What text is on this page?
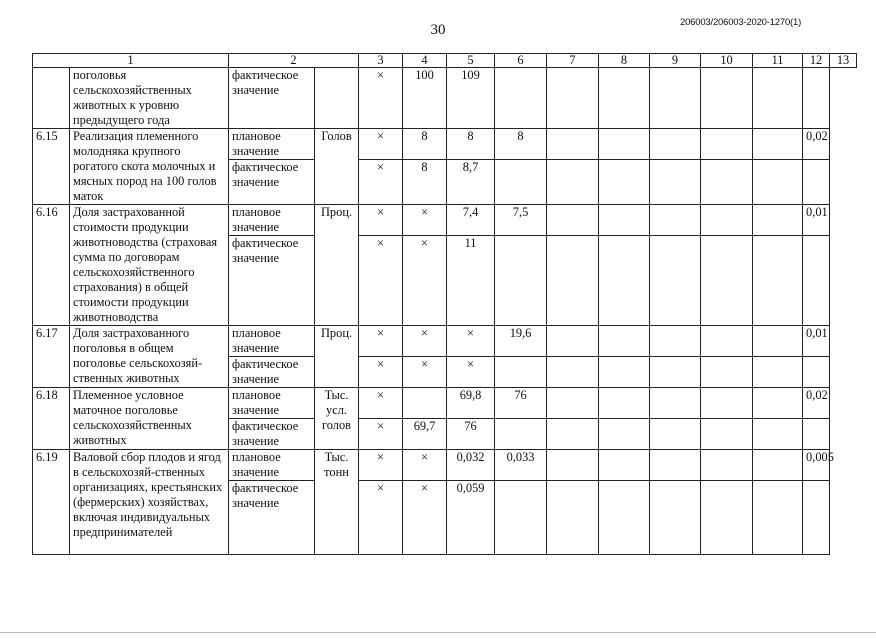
30	206003/206003-2020-1270(1)
1		2		3	4	5	6	7	8	9	10	11	12	13
	поголовья сельскохозяйственных животных к уровню предыдущего года	фактическое значение		×	100	109								
6.15	Реализация племенного молодняка крупного рогатого скота молочных и мясных пород на 100 голов маток	плановое значение	Голов	×	8	8	8						0,02	
		фактическое значение		×	8	8,7								
6.16	Доля застрахованной стоимости продукции животноводства (страховая сумма по договорам сельскохозяйственного страхования) в общей стоимости продукции животноводства	плановое значение	Проц.	×	×	7,4	7,5						0,01	
		фактическое значение		×	×	11								
6.17	Доля застрахованного поголовья в общем поголовье сельскохозяй-ственных животных	плановое значение	Проц.	×	×	×	19,6						0,01	
		фактическое значение		×	×	×								
6.18	Племенное условное маточное поголовье сельскохозяйственных животных	плановое значение	Тыс. усл. голов	×		69,8	76						0,02	
		фактическое значение		×	69,7	76								
6.19	Валовой сбор плодов и ягод в сельскохозяй-ственных организациях, крестьянских (фермерских) хозяйствах, включая индивидуальных предпринимателей	плановое значение	Тыс. тонн	×	×	0,032	0,033						0,005	
		фактическое значение		×	×	0,059								
